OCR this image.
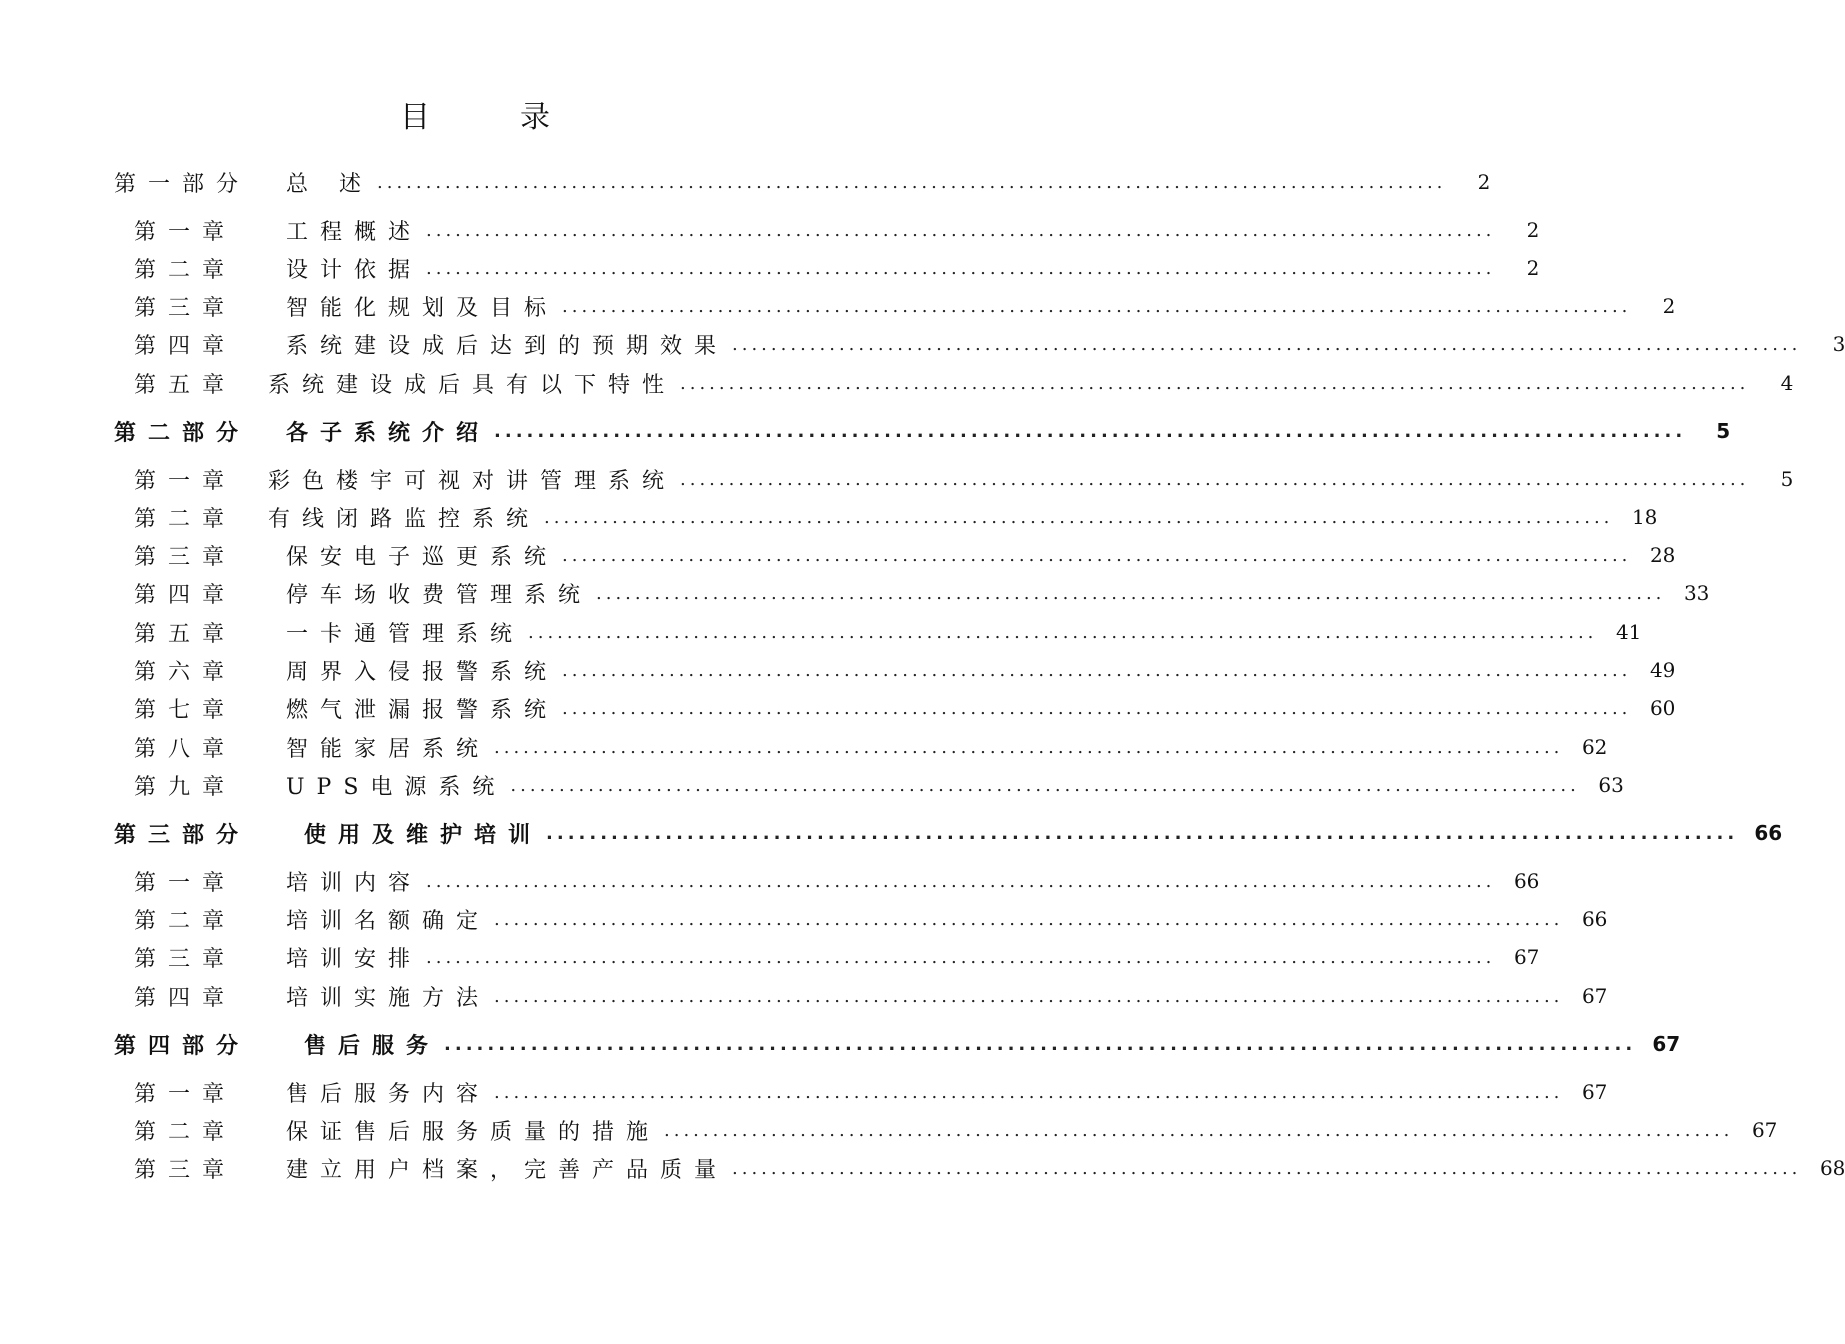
目	录
第一部分	总 述 ..............................................................................................................	2
第一章	工程概述 ..............................................................................................................	2
第二章	设计依据 ..............................................................................................................	2
第三章	智能化规划及目标 ..............................................................................................................	2
第四章	系统建设成后达到的预期效果 ..............................................................................................................	3
第五章	系统建设成后具有以下特性 ..............................................................................................................	4
第二部分	各子系统介绍 ..............................................................................................................	5
第一章	彩色楼宇可视对讲管理系统 ..............................................................................................................	5
第二章	有线闭路监控系统 .............................................................................................................. 18
第三章	保安电子巡更系统 .............................................................................................................. 28
第四章	停车场收费管理系统 .............................................................................................................. 33
第五章	一卡通管理系统 .............................................................................................................. 41
第六章	周界入侵报警系统 .............................................................................................................. 49
第七章	燃气泄漏报警系统 .............................................................................................................. 60
第八章	智能家居系统 .............................................................................................................. 62
第九章	UPS电源系统 .............................................................................................................. 63
第三部分	使用及维护培训 .............................................................................................................. 66
第一章	培训内容 .............................................................................................................. 66
第二章	培训名额确定 .............................................................................................................. 66
第三章	培训安排 .............................................................................................................. 67
第四章	培训实施方法 .............................................................................................................. 67
第四部分	售后服务 .............................................................................................................. 67
第一章	售后服务内容 .............................................................................................................. 67
第二章	保证售后服务质量的措施 .............................................................................................................. 67
第三章	建立用户档案，完善产品质量 .............................................................................................................. 68
